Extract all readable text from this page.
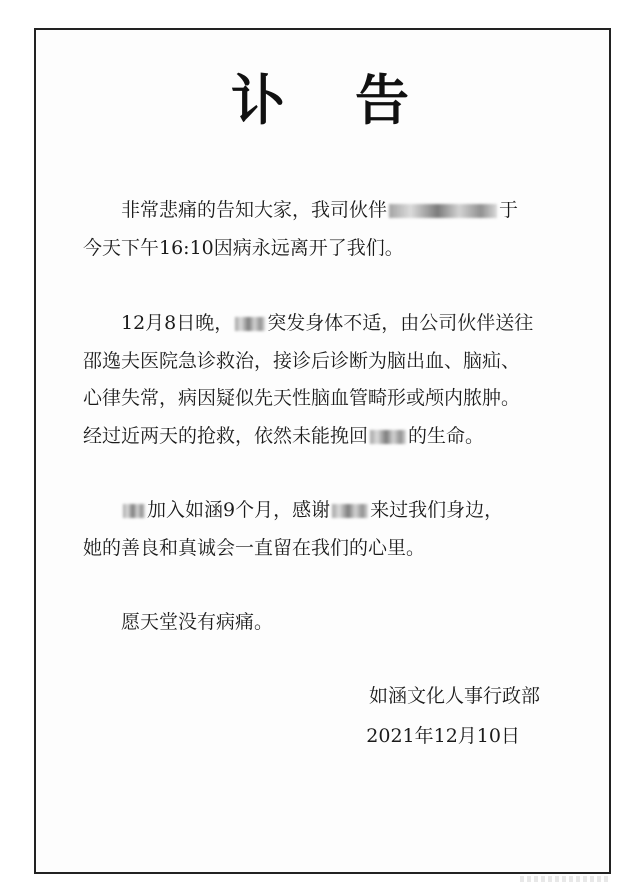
讣告
非常悲痛的告知大家，我司伙伴	于
今天下午16:10因病永远离开了我们。
12月8日晚， 突发身体不适，由公司伙伴送往
邵逸夫医院急诊救治，接诊后诊断为脑出血、脑疝、
心律失常，病因疑似先天性脑血管畸形或颅内脓肿。
经过近两天的抢救，依然未能挽回 的生命。
加入如涵9个月，感谢 来过我们身边，
她的善良和真诚会一直留在我们的心里。
愿天堂没有病痛。
如涵文化人事行政部
2021年12月10日
